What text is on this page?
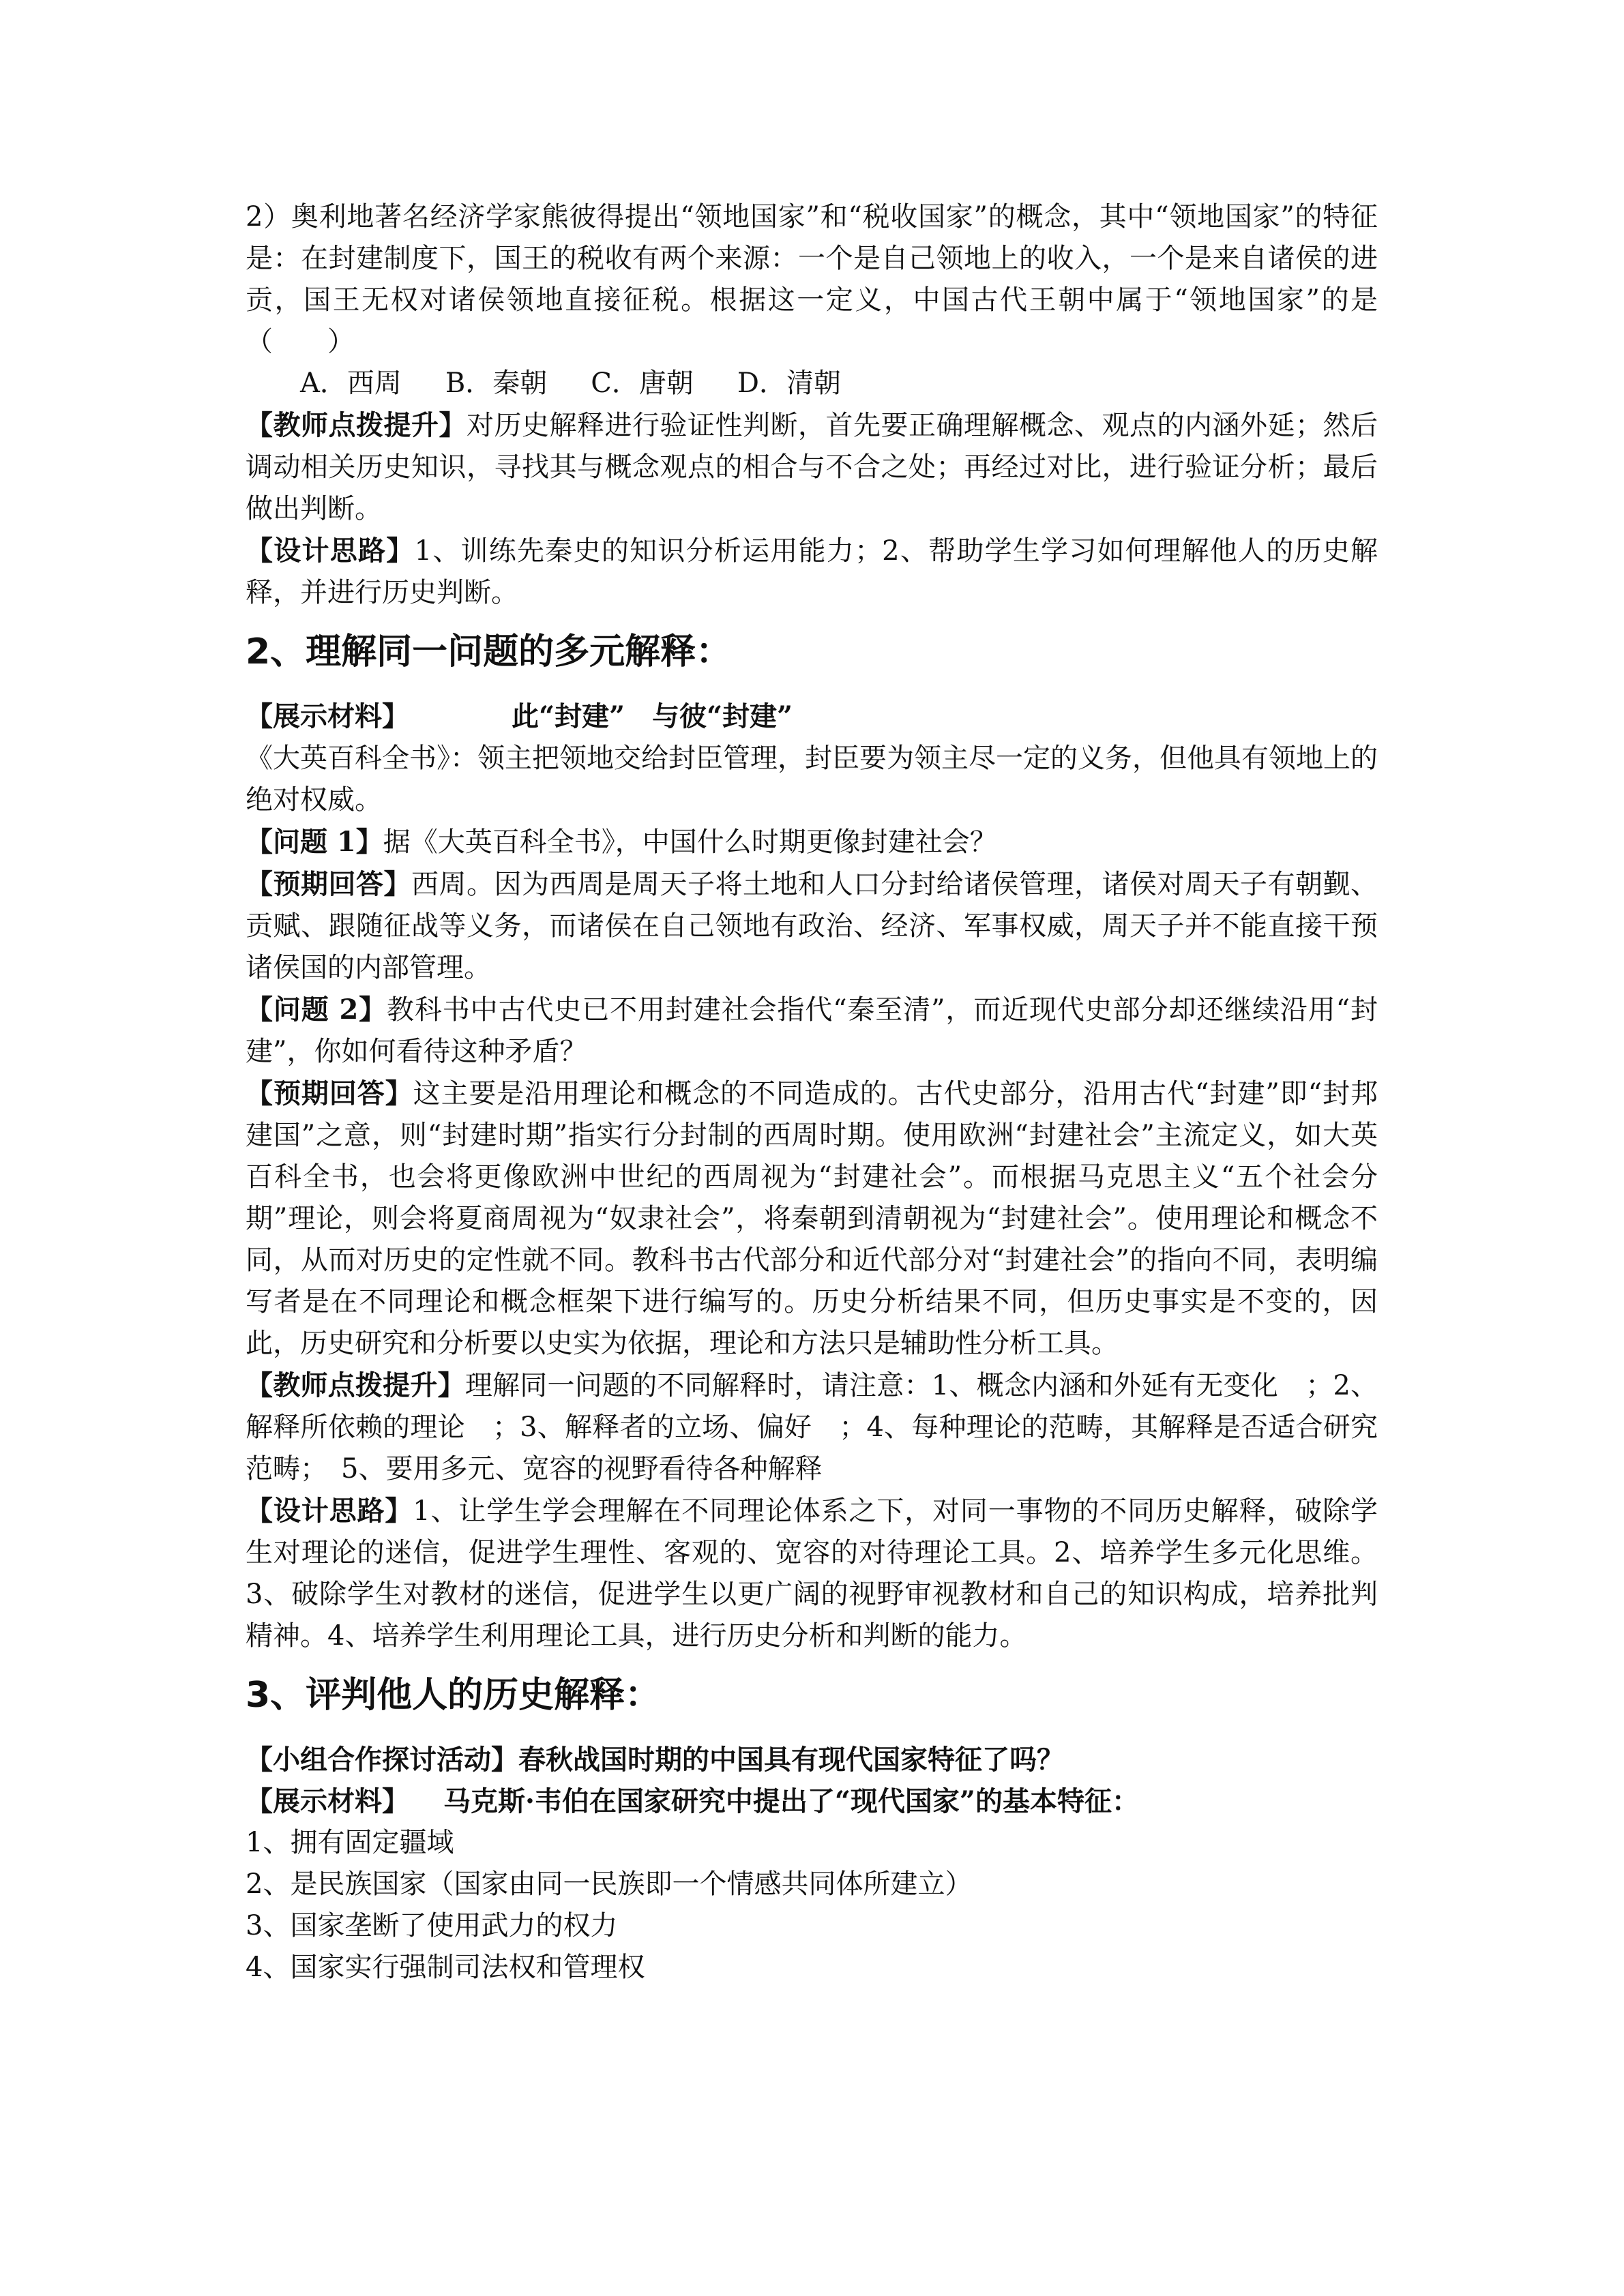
2）奥利地著名经济学家熊彼得提出“领地国家”和“税收国家”的概念，其中“领地国家”的特征是：在封建制度下，国王的税收有两个来源：一个是自己领地上的收入，一个是来自诸侯的进贡，国王无权对诸侯领地直接征税。根据这一定义，中国古代王朝中属于“领地国家”的是（　　）

A．西周 B．秦朝 C．唐朝 D．清朝

【教师点拨提升】对历史解释进行验证性判断，首先要正确理解概念、观点的内涵外延；然后调动相关历史知识，寻找其与概念观点的相合与不合之处；再经过对比，进行验证分析；最后做出判断。

【设计思路】1、训练先秦史的知识分析运用能力；2、帮助学生学习如何理解他人的历史解释，并进行历史判断。

2、理解同一问题的多元解释：

【展示材料】	此“封建”　与彼“封建”

《大英百科全书》：领主把领地交给封臣管理，封臣要为领主尽一定的义务，但他具有领地上的绝对权威。

【问题 1】据《大英百科全书》，中国什么时期更像封建社会？

【预期回答】西周。因为西周是周天子将土地和人口分封给诸侯管理，诸侯对周天子有朝觐、贡赋、跟随征战等义务，而诸侯在自己领地有政治、经济、军事权威，周天子并不能直接干预诸侯国的内部管理。

【问题 2】教科书中古代史已不用封建社会指代“秦至清”，而近现代史部分却还继续沿用“封建”，你如何看待这种矛盾？

【预期回答】这主要是沿用理论和概念的不同造成的。古代史部分，沿用古代“封建”即“封邦建国”之意，则“封建时期”指实行分封制的西周时期。使用欧洲“封建社会”主流定义，如大英百科全书，也会将更像欧洲中世纪的西周视为“封建社会”。而根据马克思主义“五个社会分期”理论，则会将夏商周视为“奴隶社会”，将秦朝到清朝视为“封建社会”。使用理论和概念不同，从而对历史的定性就不同。教科书古代部分和近代部分对“封建社会”的指向不同，表明编写者是在不同理论和概念框架下进行编写的。历史分析结果不同，但历史事实是不变的，因此，历史研究和分析要以史实为依据，理论和方法只是辅助性分析工具。

【教师点拨提升】理解同一问题的不同解释时，请注意：1、概念内涵和外延有无变化　；2、解释所依赖的理论　；3、解释者的立场、偏好　；4、每种理论的范畴，其解释是否适合研究范畴；　5、要用多元、宽容的视野看待各种解释

【设计思路】1、让学生学会理解在不同理论体系之下，对同一事物的不同历史解释，破除学生对理论的迷信，促进学生理性、客观的、宽容的对待理论工具。2、培养学生多元化思维。3、破除学生对教材的迷信，促进学生以更广阔的视野审视教材和自己的知识构成，培养批判精神。4、培养学生利用理论工具，进行历史分析和判断的能力。

3、评判他人的历史解释：

【小组合作探讨活动】春秋战国时期的中国具有现代国家特征了吗？

【展示材料】 马克斯·韦伯在国家研究中提出了“现代国家”的基本特征：

1、拥有固定疆域

2、是民族国家（国家由同一民族即一个情感共同体所建立）

3、国家垄断了使用武力的权力

4、国家实行强制司法权和管理权
